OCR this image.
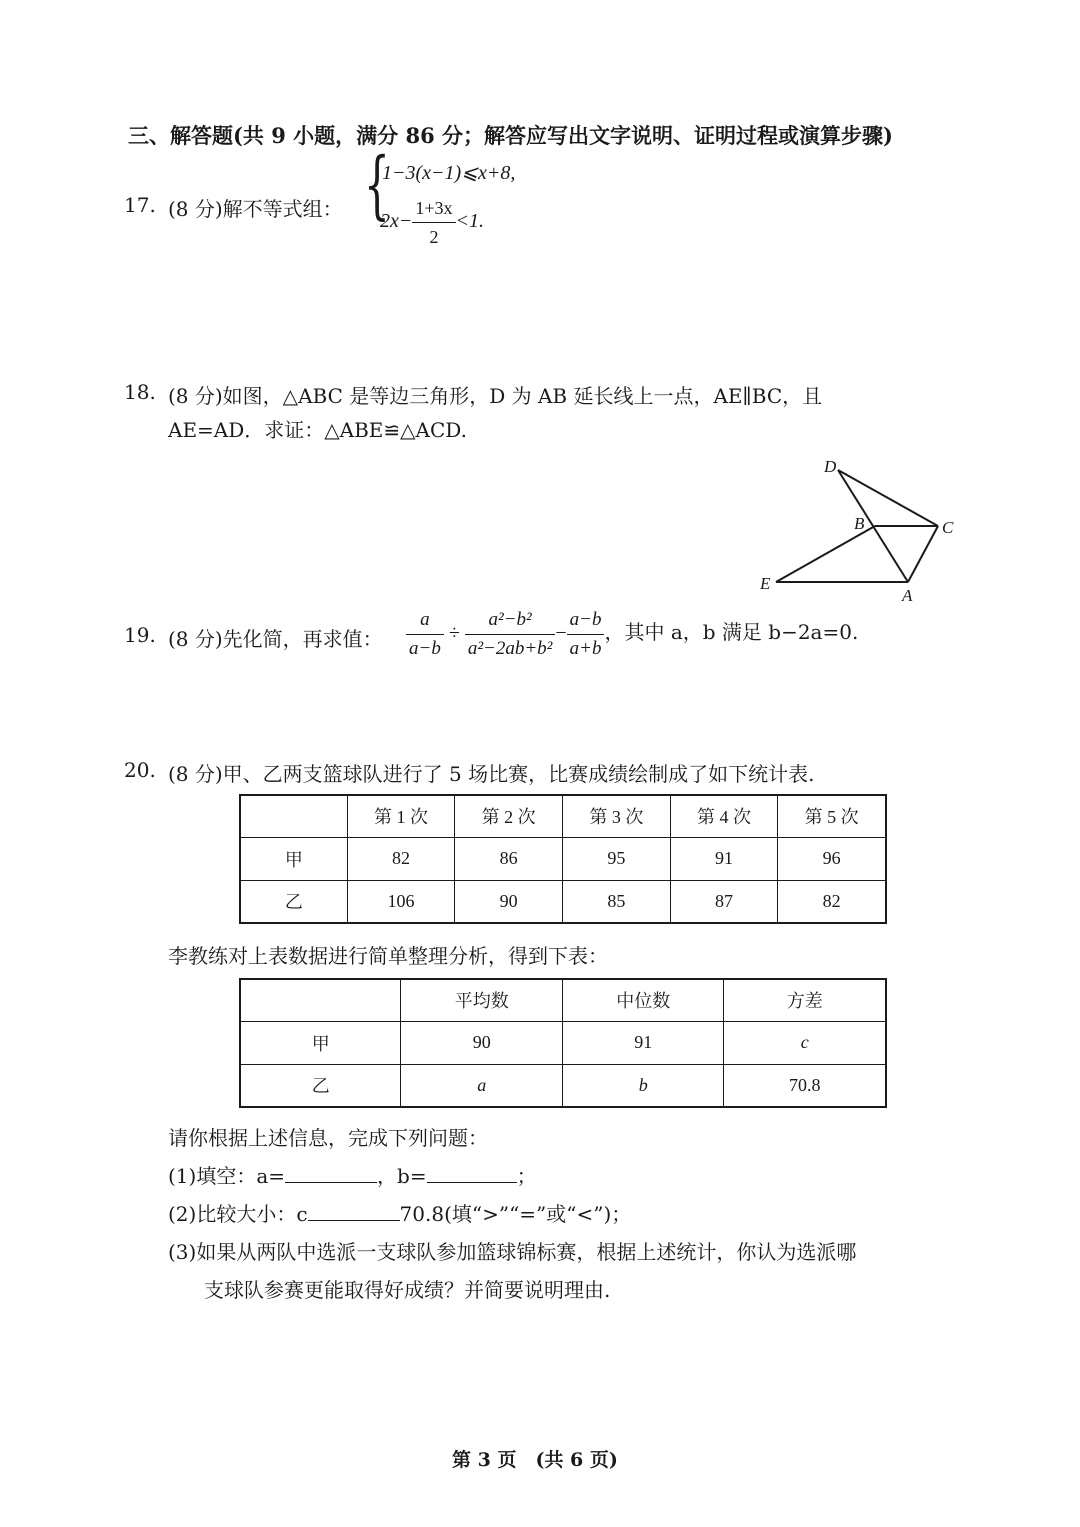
三、解答题(共 9 小题，满分 86 分；解答应写出文字说明、证明过程或演算步骤)
17. (8 分)解不等式组： {
1−3(x−1)⩽x+8,
$2x- \frac{1+3x}{2} <1$.
18. (8 分)如图，△ABC 是等边三角形，D 为 AB 延长线上一点，AE∥BC，且
AE=AD．求证：△ABE≌△ACD.
D
B	C
E
A
19. (8 分)先化简，再求值： $\frac{a}{a-b} \div \frac{\text{a²−b²}}{\text{a²−2ab+b²}} - \frac{a-b}{a+b}$ ，其中 a，b 满足 b−2a=0.
20. (8 分)甲、乙两支篮球队进行了 5 场比赛，比赛成绩绘制成了如下统计表.
	第 1 次	第 2 次	第 3 次	第 4 次	第 5 次
甲	82	86	95	91	96
乙	106	90	85	87	82
李教练对上表数据进行简单整理分析，得到下表：
	平均数	中位数	方差
甲	90	91	c
乙	a	b	70.8
请你根据上述信息，完成下列问题：
(1)填空：a=	，b=	；
(2)比较大小：c	70.8(填“>”“=”或“<”)；
(3)如果从两队中选派一支球队参加篮球锦标赛，根据上述统计，你认为选派哪
支球队参赛更能取得好成绩？并简要说明理由.
第 3 页　(共 6 页)
